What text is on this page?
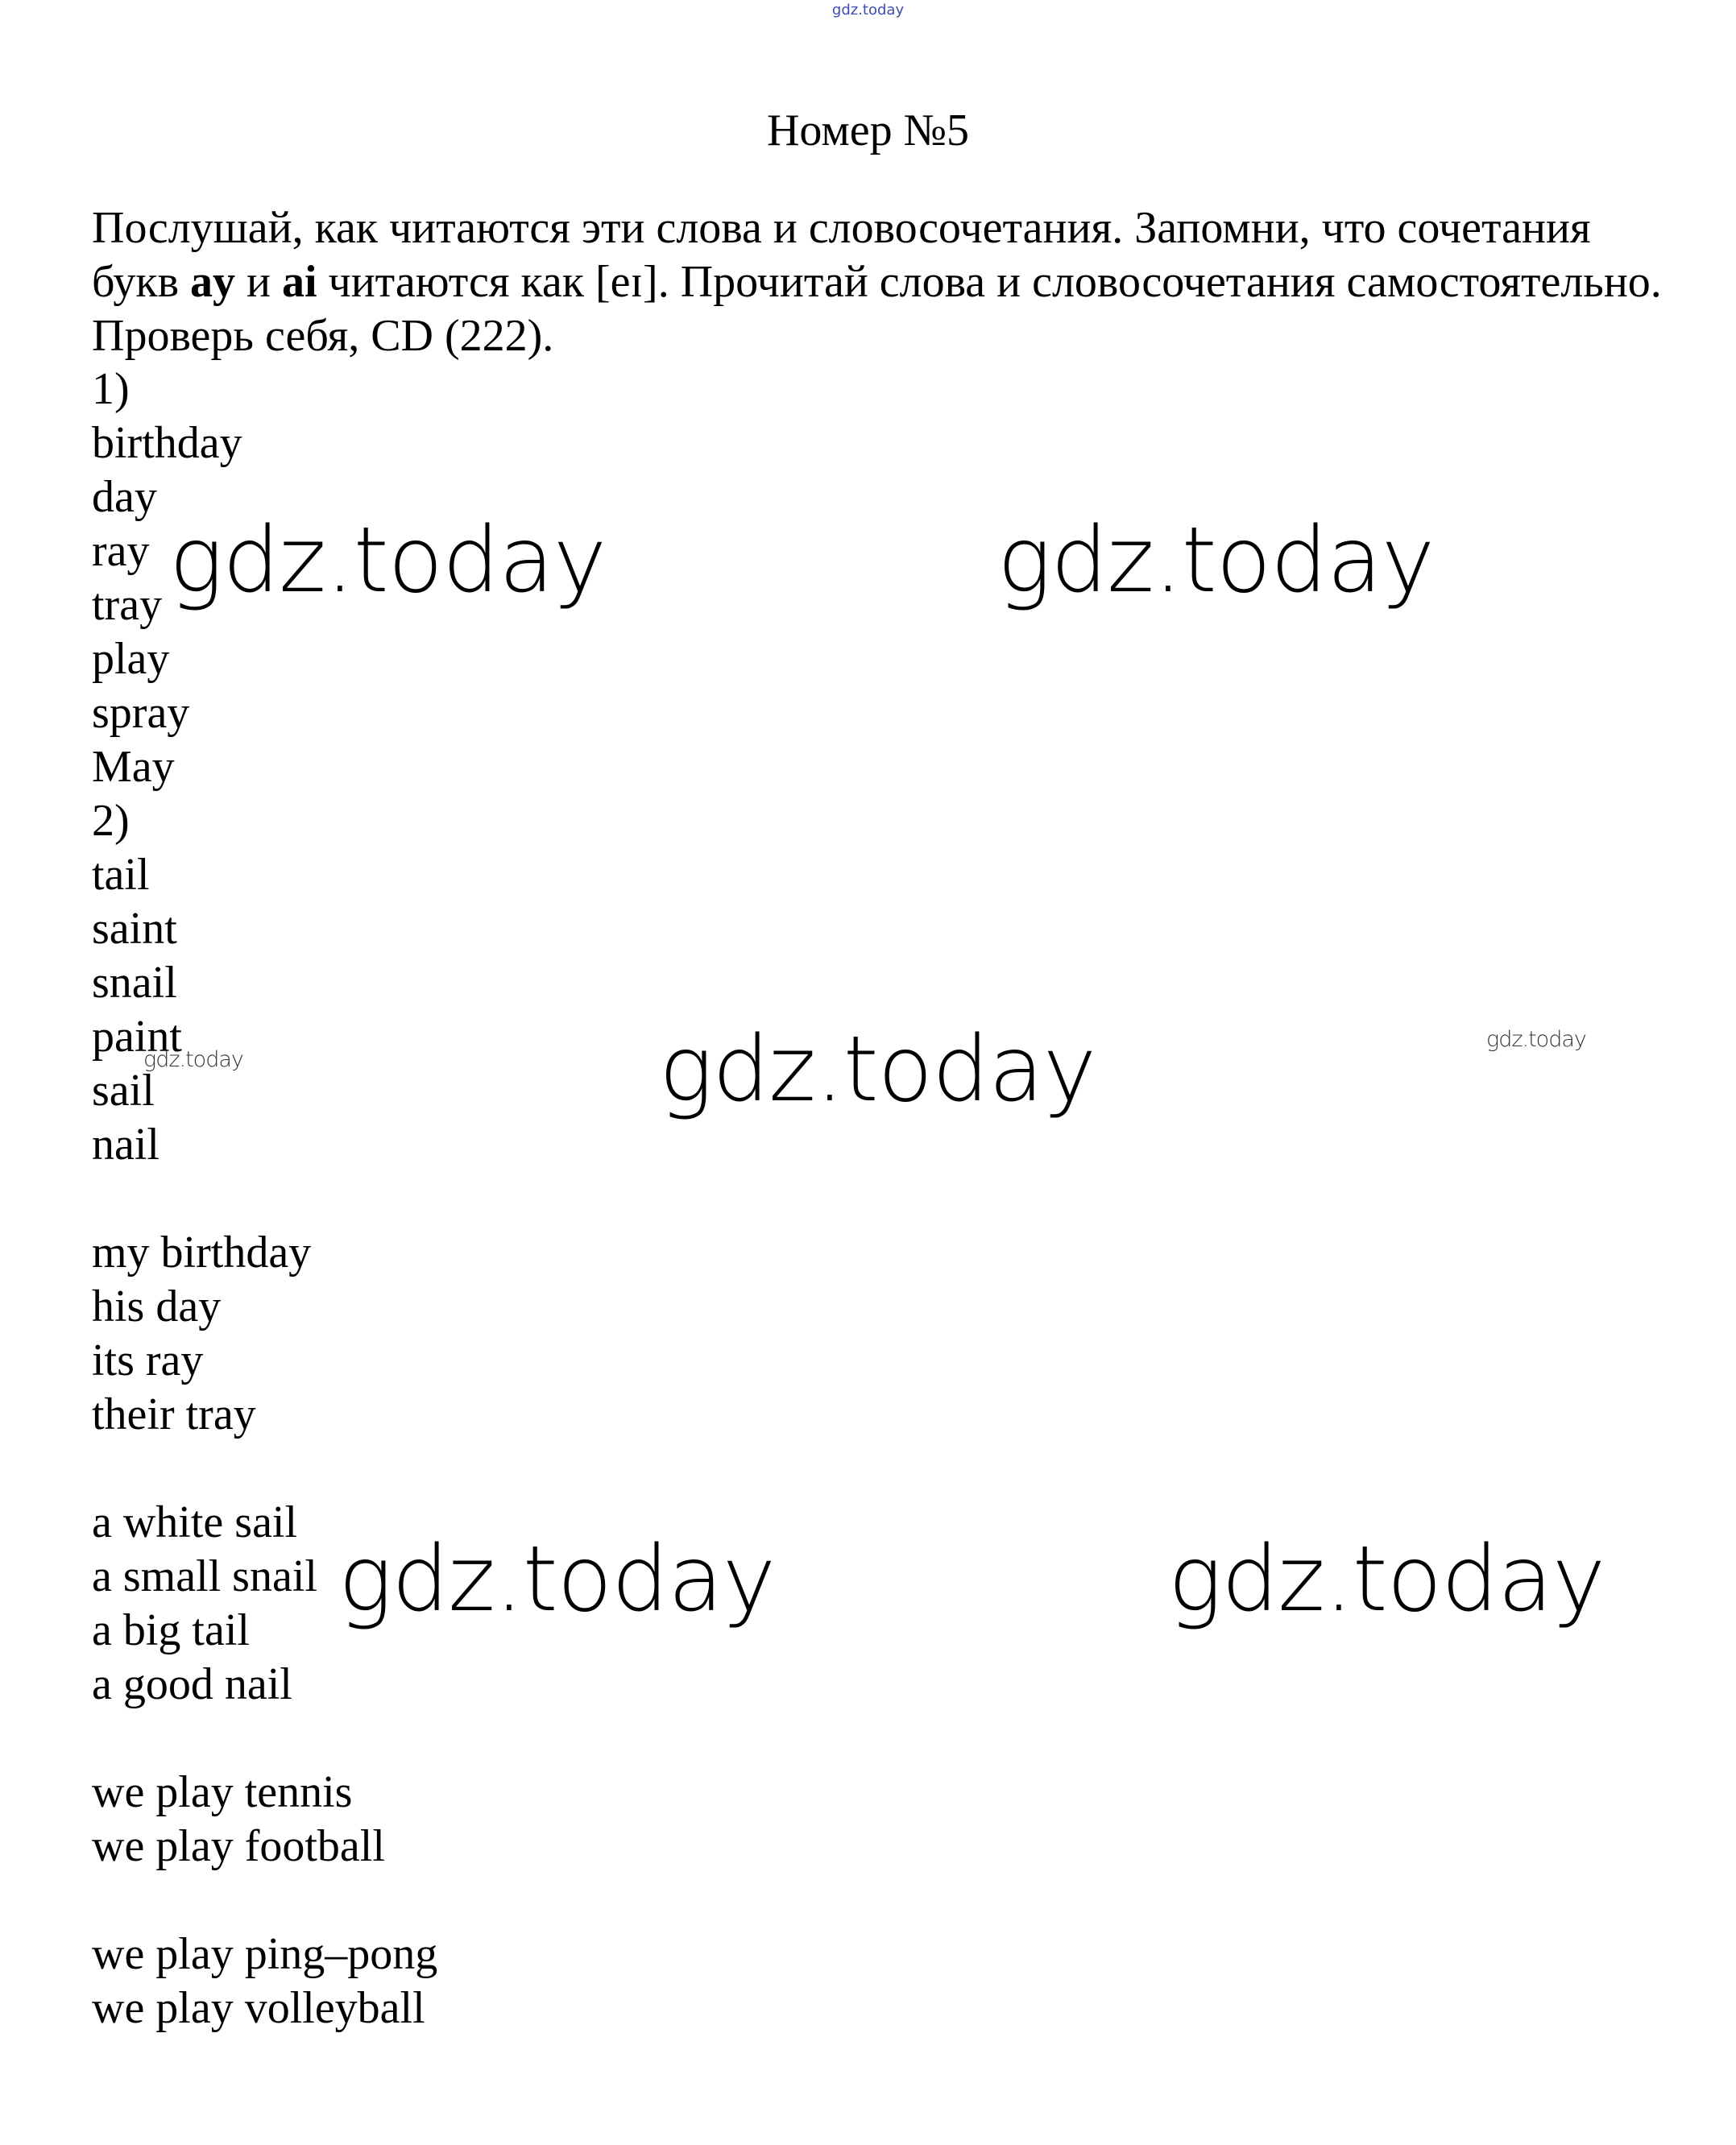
gdz.today
Номер №5

Послушай, как читаются эти слова и словосочетания. Запомни, что сочетания букв ay и ai читаются как [eɪ]. Прочитай слова и словосочетания самостоятельно. Проверь себя, CD (222).

1)
birthday
day
ray
tray
play
spray
May
2)
tail
saint
snail
paint
sail
nail
my birthday
his day
its ray
their tray
a white sail
a small snail
a big tail
a good nail
we play tennis
we play football
we play ping–pong
we play volleyball
gdz.today	gdz.today
gdz.today
gdz.today	gdz.today
gdz.today
gdz.today
